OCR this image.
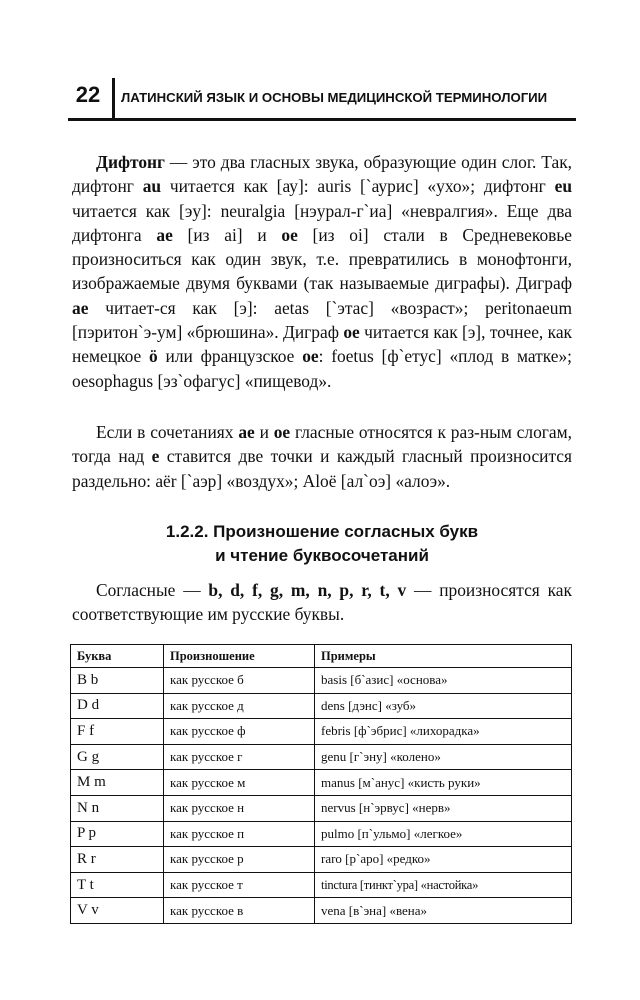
22	ЛАТИНСКИЙ ЯЗЫК И ОСНОВЫ МЕДИЦИНСКОЙ ТЕРМИНОЛОГИИ

Дифтонг — это два гласных звука, образующие один слог. Так, дифтонг au читается как [ау]: auris [`аурис] «ухо»; дифтонг eu читается как [эу]: neuralgia [нэурал-г`иа] «невралгия». Еще два дифтонга ae [из ai] и oe [из oi] стали в Средневековье произноситься как один звук, т.е. превратились в монофтонги, изображаемые двумя буквами (так называемые диграфы). Диграф ae читает-ся как [э]: aetas [`этас] «возраст»; peritonaeum [пэритон`э-ум] «брюшина». Диграф oe читается как [э], точнее, как немецкое ö или французское oe: foetus [ф`етус] «плод в матке»; oesophagus [эз`офагус] «пищевод».

Если в сочетаниях ae и oe гласные относятся к раз-ным слогам, тогда над e ставится две точки и каждый гласный произносится раздельно: aёr [`аэр] «воздух»; Aloё [ал`оэ] «алоэ».

1.2.2. Произношение согласных букв
и чтение буквосочетаний

Согласные — b, d, f, g, m, n, p, r, t, v — произносятся как соответствующие им русские буквы.

Буква	Произношение	Примеры
B b	как русское б	basis [б`азис] «основа»
D d	как русское д	dens [дэнс] «зуб»
F f	как русское ф	febris [ф`эбрис] «лихорадка»
G g	как русское г	genu [г`эну] «колено»
M m	как русское м	manus [м`анус] «кисть руки»
N n	как русское н	nervus [н`эрвус] «нерв»
P p	как русское п	pulmo [п`ульмо] «легкое»
R r	как русское р	raro [р`аро] «редко»
T t	как русское т	tinctura [тинкт`ура] «настойка»
V v	как русское в	vena [в`эна] «вена»
